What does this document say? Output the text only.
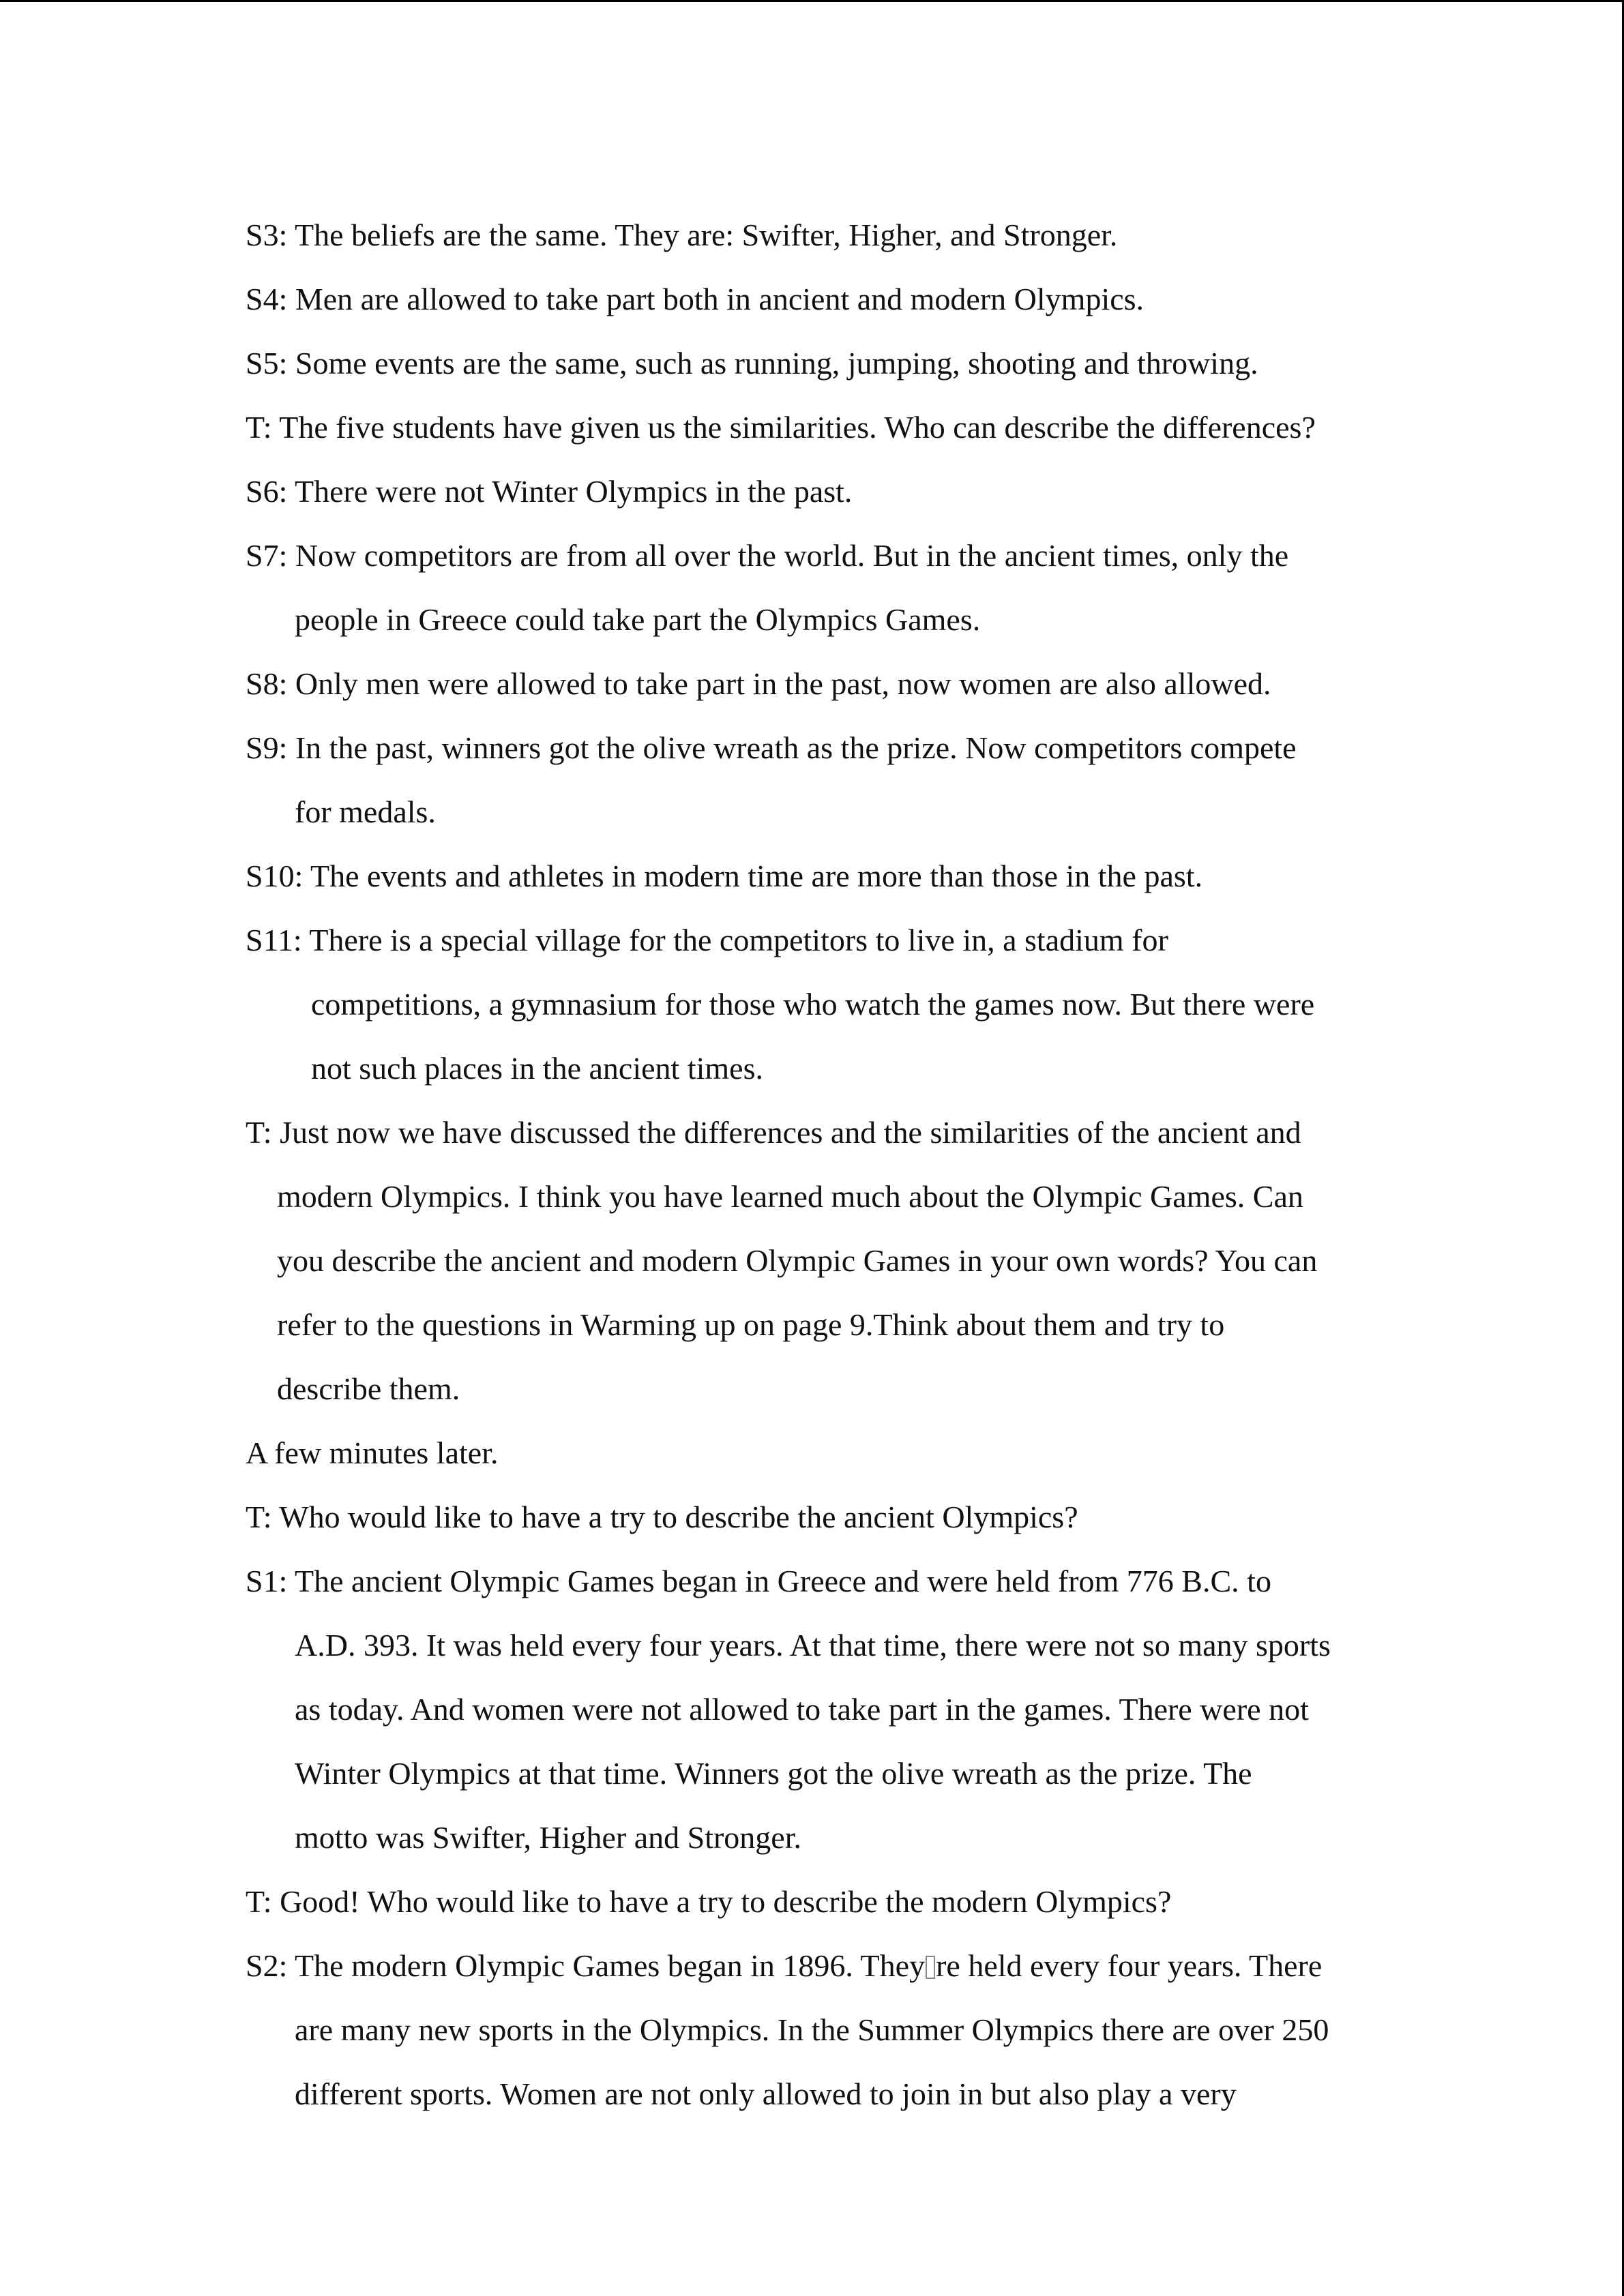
S3: The beliefs are the same. They are: Swifter, Higher, and Stronger.
S4: Men are allowed to take part both in ancient and modern Olympics.
S5: Some events are the same, such as running, jumping, shooting and throwing.
T: The five students have given us the similarities. Who can describe the differences?
S6: There were not Winter Olympics in the past.
S7: Now competitors are from all over the world. But in the ancient times, only the
people in Greece could take part the Olympics Games.
S8: Only men were allowed to take part in the past, now women are also allowed.
S9: In the past, winners got the olive wreath as the prize. Now competitors compete
for medals.
S10: The events and athletes in modern time are more than those in the past.
S11: There is a special village for the competitors to live in, a stadium for
competitions, a gymnasium for those who watch the games now. But there were
not such places in the ancient times.
T: Just now we have discussed the differences and the similarities of the ancient and
modern Olympics. I think you have learned much about the Olympic Games. Can
you describe the ancient and modern Olympic Games in your own words? You can
refer to the questions in Warming up on page 9.Think about them and try to
describe them.
A few minutes later.
T: Who would like to have a try to describe the ancient Olympics?
S1: The ancient Olympic Games began in Greece and were held from 776 B.C. to
A.D. 393. It was held every four years. At that time, there were not so many sports
as today. And women were not allowed to take part in the games. There were not
Winter Olympics at that time. Winners got the olive wreath as the prize. The
motto was Swifter, Higher and Stronger.
T: Good! Who would like to have a try to describe the modern Olympics?
S2: The modern Olympic Games began in 1896. They re held every four years. There
are many new sports in the Olympics. In the Summer Olympics there are over 250
different sports. Women are not only allowed to join in but also play a very
